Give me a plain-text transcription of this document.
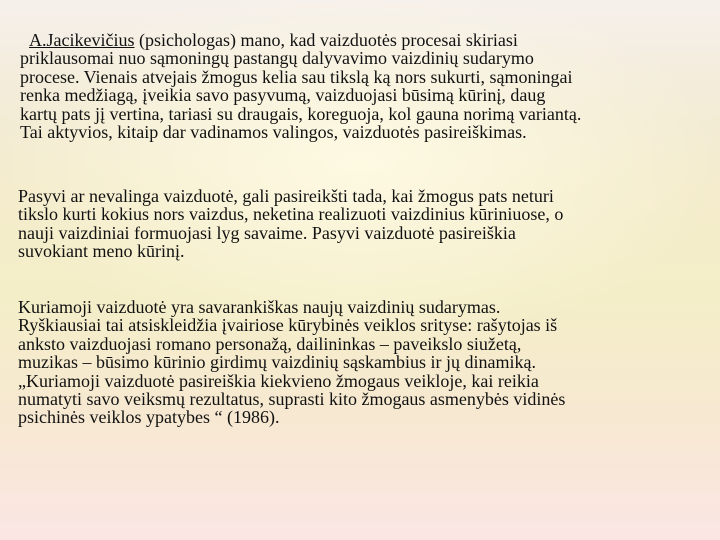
A.Jacikevičius (psichologas) mano, kad vaizduotės procesai skiriasi
priklausomai nuo sąmoningų pastangų dalyvavimo vaizdinių sudarymo
procese. Vienais atvejais žmogus kelia sau tikslą ką nors sukurti, sąmoningai
renka medžiagą, įveikia savo pasyvumą, vaizduojasi būsimą kūrinį, daug
kartų pats jį vertina, tariasi su draugais, koreguoja, kol gauna norimą variantą.
Tai aktyvios, kitaip dar vadinamos valingos, vaizduotės pasireiškimas.

Pasyvi ar nevalinga vaizduotė, gali pasireikšti tada, kai žmogus pats neturi
tikslo kurti kokius nors vaizdus, neketina realizuoti vaizdinius kūriniuose, o
nauji vaizdiniai formuojasi lyg savaime. Pasyvi vaizduotė pasireiškia
suvokiant meno kūrinį.

Kuriamoji vaizduotė yra savarankiškas naujų vaizdinių sudarymas.
Ryškiausiai tai atsiskleidžia įvairiose kūrybinės veiklos srityse: rašytojas iš
anksto vaizduojasi romano personažą, dailininkas – paveikslo siužetą,
muzikas – būsimo kūrinio girdimų vaizdinių sąskambius ir jų dinamiką.
„Kuriamoji vaizduotė pasireiškia kiekvieno žmogaus veikloje, kai reikia
numatyti savo veiksmų rezultatus, suprasti kito žmogaus asmenybės vidinės
psichinės veiklos ypatybes “ (1986).
